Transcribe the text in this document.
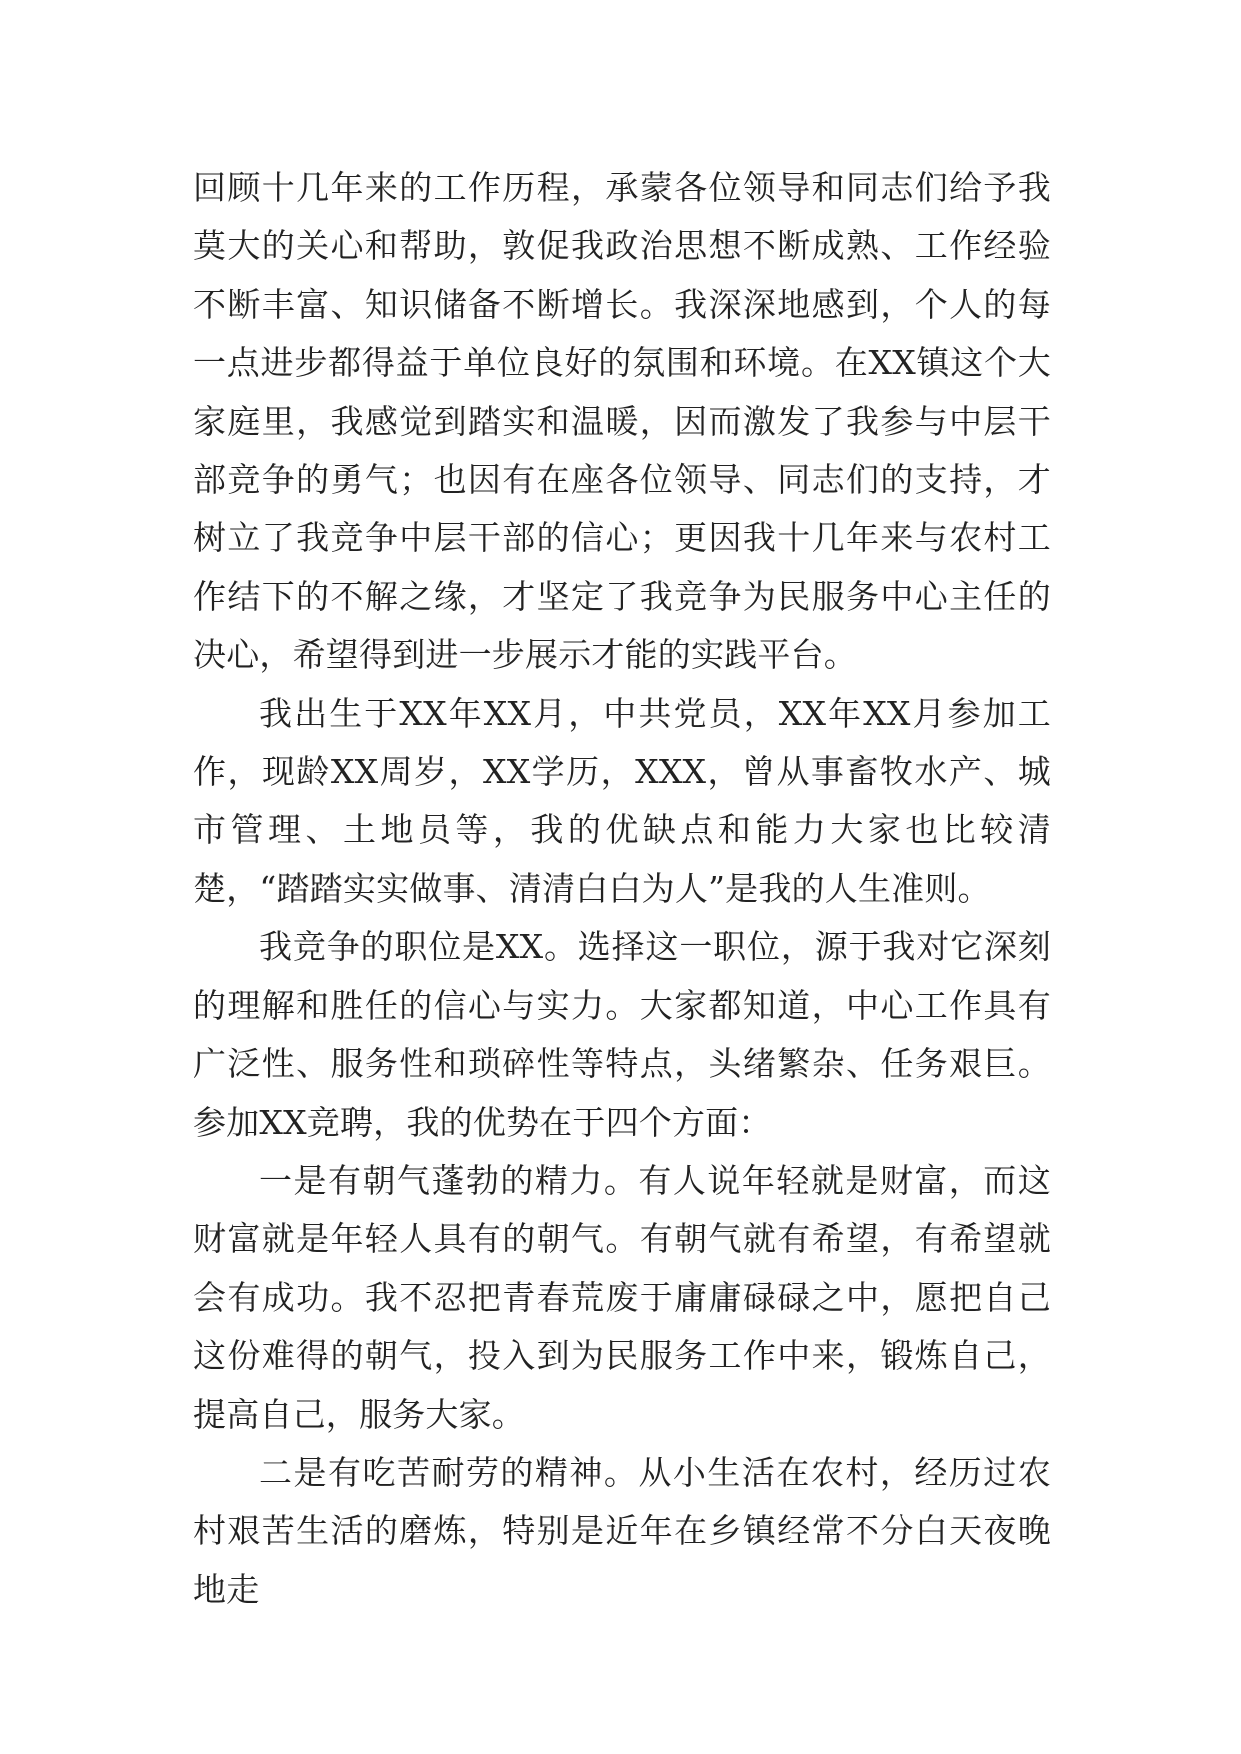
回顾十几年来的工作历程，承蒙各位领导和同志们给予我莫大的关心和帮助，敦促我政治思想不断成熟、工作经验不断丰富、知识储备不断增长。我深深地感到，个人的每一点进步都得益于单位良好的氛围和环境。在XX镇这个大家庭里，我感觉到踏实和温暖，因而激发了我参与中层干部竞争的勇气；也因有在座各位领导、同志们的支持，才树立了我竞争中层干部的信心；更因我十几年来与农村工作结下的不解之缘，才坚定了我竞争为民服务中心主任的决心，希望得到进一步展示才能的实践平台。

我出生于XX年XX月，中共党员，XX年XX月参加工作，现龄XX周岁，XX学历，XXX，曾从事畜牧水产、城市管理、土地员等，我的优缺点和能力大家也比较清楚，“踏踏实实做事、清清白白为人”是我的人生准则。

我竞争的职位是XX。选择这一职位，源于我对它深刻的理解和胜任的信心与实力。大家都知道，中心工作具有广泛性、服务性和琐碎性等特点，头绪繁杂、任务艰巨。参加XX竞聘，我的优势在于四个方面：

一是有朝气蓬勃的精力。有人说年轻就是财富，而这财富就是年轻人具有的朝气。有朝气就有希望，有希望就会有成功。我不忍把青春荒废于庸庸碌碌之中，愿把自己这份难得的朝气，投入到为民服务工作中来，锻炼自己，提高自己，服务大家。

二是有吃苦耐劳的精神。从小生活在农村，经历过农村艰苦生活的磨炼，特别是近年在乡镇经常不分白天夜晚地走
